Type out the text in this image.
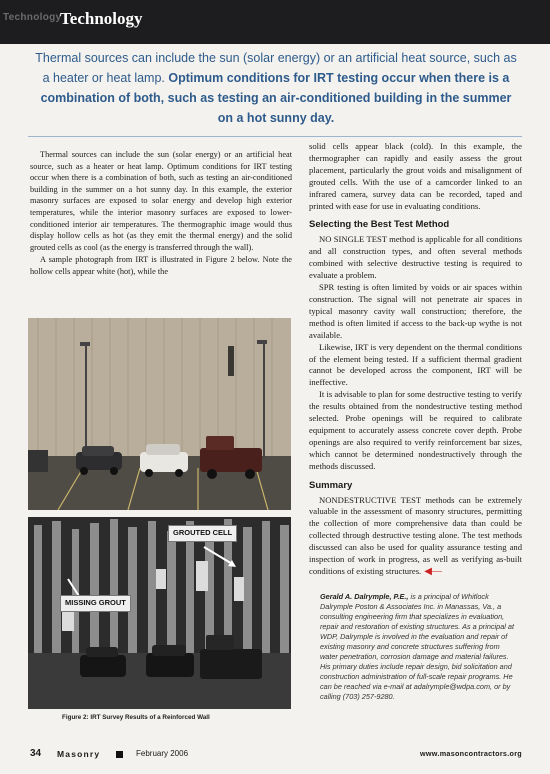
Technology
Technology
Thermal sources can include the sun (solar energy) or an artificial heat source, such as a heater or heat lamp. Optimum conditions for IRT testing occur when there is a combination of both, such as testing an air-conditioned building in the summer on a hot sunny day.

Thermal sources can include the sun (solar energy) or an artificial heat source, such as a heater or heat lamp. Optimum conditions for IRT testing occur when there is a combination of both, such as testing an air-conditioned building in the summer on a hot sunny day. In this example, the exterior masonry surfaces are exposed to solar energy and develop high exterior temperatures, while the interior masonry surfaces are exposed to lower-conditioned interior air temperatures. The thermographic image would thus display hollow cells as hot (as they emit the thermal energy) and the solid grouted cells as cool (as the energy is transferred through the wall).

A sample photograph from IRT is illustrated in Figure 2 below. Note the hollow cells appear white (hot), while the

GROUTED CELL
MISSING GROUT
Figure 2: IRT Survey Results of a Reinforced Wall

solid cells appear black (cold). In this example, the thermographer can rapidly and easily assess the grout placement, particularly the grout voids and misalignment of grouted cells. With the use of a camcorder linked to an infrared camera, survey data can be recorded, taped and printed with ease for use in evaluating conditions.

Selecting the Best Test Method

NO SINGLE TEST method is applicable for all conditions and all construction types, and often several methods combined with selective destructive testing is required to evaluate a problem.

SPR testing is often limited by voids or air spaces within construction. The signal will not penetrate air spaces in typical masonry cavity wall construction; therefore, the method is often limited if access to the back-up wythe is not available.

Likewise, IRT is very dependent on the thermal conditions of the element being tested. If a sufficient thermal gradient cannot be developed across the component, IRT will be ineffective.

It is advisable to plan for some destructive testing to verify the results obtained from the nondestructive testing method selected. Probe openings will be required to calibrate equipment to accurately assess concrete cover depth. Probe openings are also required to verify reinforcement bar sizes, which cannot be determined nondestructively through the methods discussed.

Summary

NONDESTRUCTIVE TEST methods can be extremely valuable in the assessment of masonry structures, permitting the collection of more comprehensive data than could be collected through destructive testing alone. The test methods discussed can also be used for quality assurance testing and inspection of work in progress, as well as verifying as-built conditions of existing structures. ◀—

Gerald A. Dalrymple, P.E., is a principal of Whitlock Dalrymple Poston & Associates Inc. in Manassas, Va., a consulting engineering firm that specializes in evaluation, repair and restoration of existing structures. As a principal at WDP, Dalrymple is involved in the evaluation and repair of existing masonry and concrete structures suffering from water penetration, corrosion damage and material failures. His primary duties include repair design, bid solicitation and construction administration of full-scale repair programs. He can be reached via e-mail at adalrymple@wdpa.com, or by calling (703) 257-9280.
34 Masonry	February 2006	www.masoncontractors.org
